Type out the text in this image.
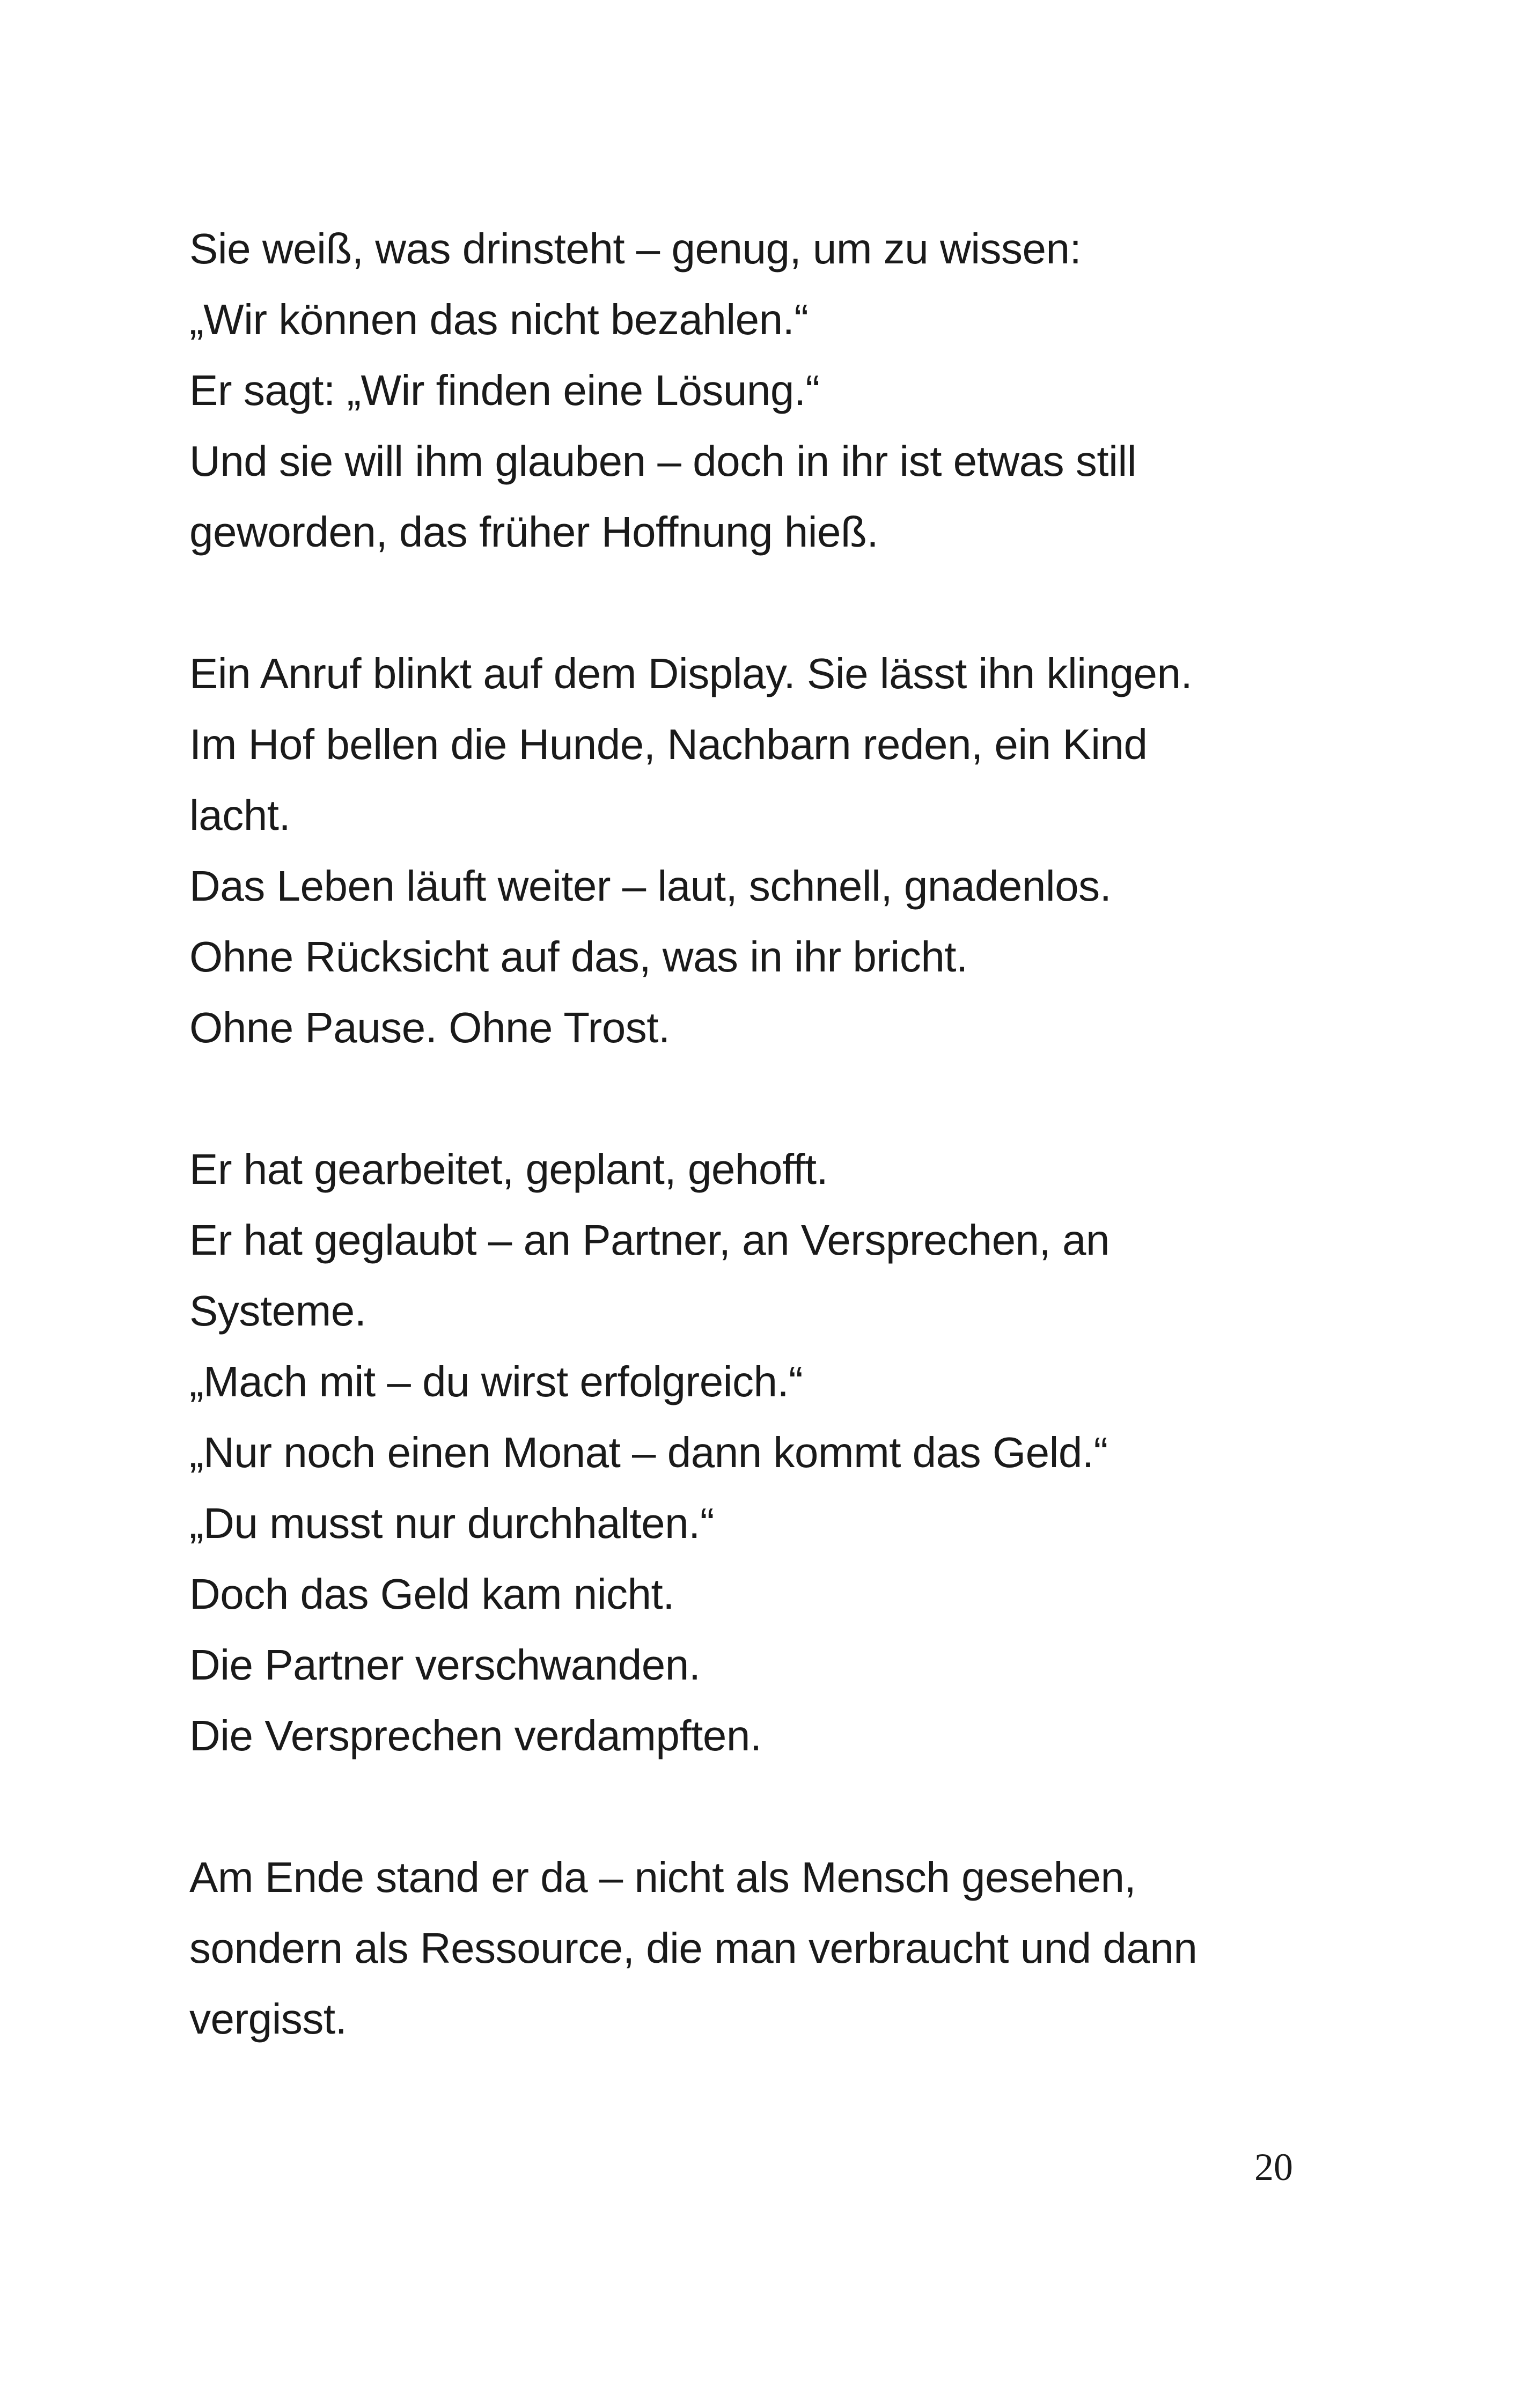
Sie weiß, was drinsteht – genug, um zu wissen:
„Wir können das nicht bezahlen.“
Er sagt: „Wir finden eine Lösung.“
Und sie will ihm glauben – doch in ihr ist etwas still
geworden, das früher Hoffnung hieß.
Ein Anruf blinkt auf dem Display. Sie lässt ihn klingen.
Im Hof bellen die Hunde, Nachbarn reden, ein Kind
lacht.
Das Leben läuft weiter – laut, schnell, gnadenlos.
Ohne Rücksicht auf das, was in ihr bricht.
Ohne Pause. Ohne Trost.
Er hat gearbeitet, geplant, gehofft.
Er hat geglaubt – an Partner, an Versprechen, an
Systeme.
„Mach mit – du wirst erfolgreich.“
„Nur noch einen Monat – dann kommt das Geld.“
„Du musst nur durchhalten.“
Doch das Geld kam nicht.
Die Partner verschwanden.
Die Versprechen verdampften.
Am Ende stand er da – nicht als Mensch gesehen,
sondern als Ressource, die man verbraucht und dann
vergisst.
20
